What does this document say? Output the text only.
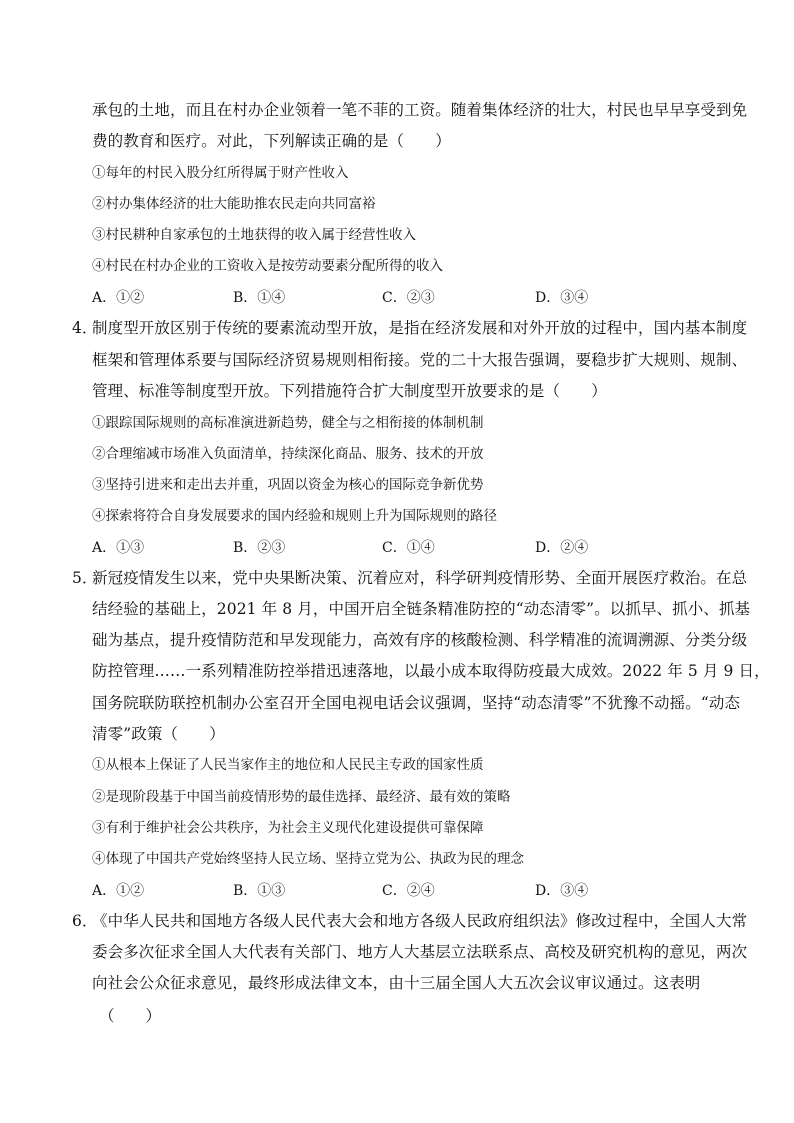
承包的土地，而且在村办企业领着一笔不菲的工资。随着集体经济的壮大，村民也早早享受到免
费的教育和医疗。对此，下列解读正确的是（　　）
①每年的村民入股分红所得属于财产性收入
②村办集体经济的壮大能助推农民走向共同富裕
③村民耕种自家承包的土地获得的收入属于经营性收入
④村民在村办企业的工资收入是按劳动要素分配所得的收入
A．①②	B．①④	C．②③	D．③④
4．
制度型开放区别于传统的要素流动型开放，是指在经济发展和对外开放的过程中，国内基本制度
框架和管理体系要与国际经济贸易规则相衔接。党的二十大报告强调，要稳步扩大规则、规制、
管理、标准等制度型开放。下列措施符合扩大制度型开放要求的是（　　）
①跟踪国际规则的高标准演进新趋势，健全与之相衔接的体制机制
②合理缩减市场准入负面清单，持续深化商品、服务、技术的开放
③坚持引进来和走出去并重，巩固以资金为核心的国际竞争新优势
④探索将符合自身发展要求的国内经验和规则上升为国际规则的路径
A．①③	B．②③	C．①④	D．②④
5．
新冠疫情发生以来，党中央果断决策、沉着应对，科学研判疫情形势、全面开展医疗救治。在总
结经验的基础上，2021 年 8 月，中国开启全链条精准防控的“动态清零”。以抓早、抓小、抓基
础为基点，提升疫情防范和早发现能力，高效有序的核酸检测、科学精准的流调溯源、分类分级
防控管理……一系列精准防控举措迅速落地，以最小成本取得防疫最大成效。2022 年 5 月 9 日，
国务院联防联控机制办公室召开全国电视电话会议强调，坚持“动态清零”不犹豫不动摇。“动态
清零”政策（　　）
①从根本上保证了人民当家作主的地位和人民民主专政的国家性质
②是现阶段基于中国当前疫情形势的最佳选择、最经济、最有效的策略
③有利于维护社会公共秩序，为社会主义现代化建设提供可靠保障
④体现了中国共产党始终坚持人民立场、坚持立党为公、执政为民的理念
A．①②	B．①③	C．②④	D．③④
6．
《中华人民共和国地方各级人民代表大会和地方各级人民政府组织法》修改过程中，全国人大常
委会多次征求全国人大代表有关部门、地方人大基层立法联系点、高校及研究机构的意见，两次
向社会公众征求意见，最终形成法律文本，由十三届全国人大五次会议审议通过。这表明
（　　）
